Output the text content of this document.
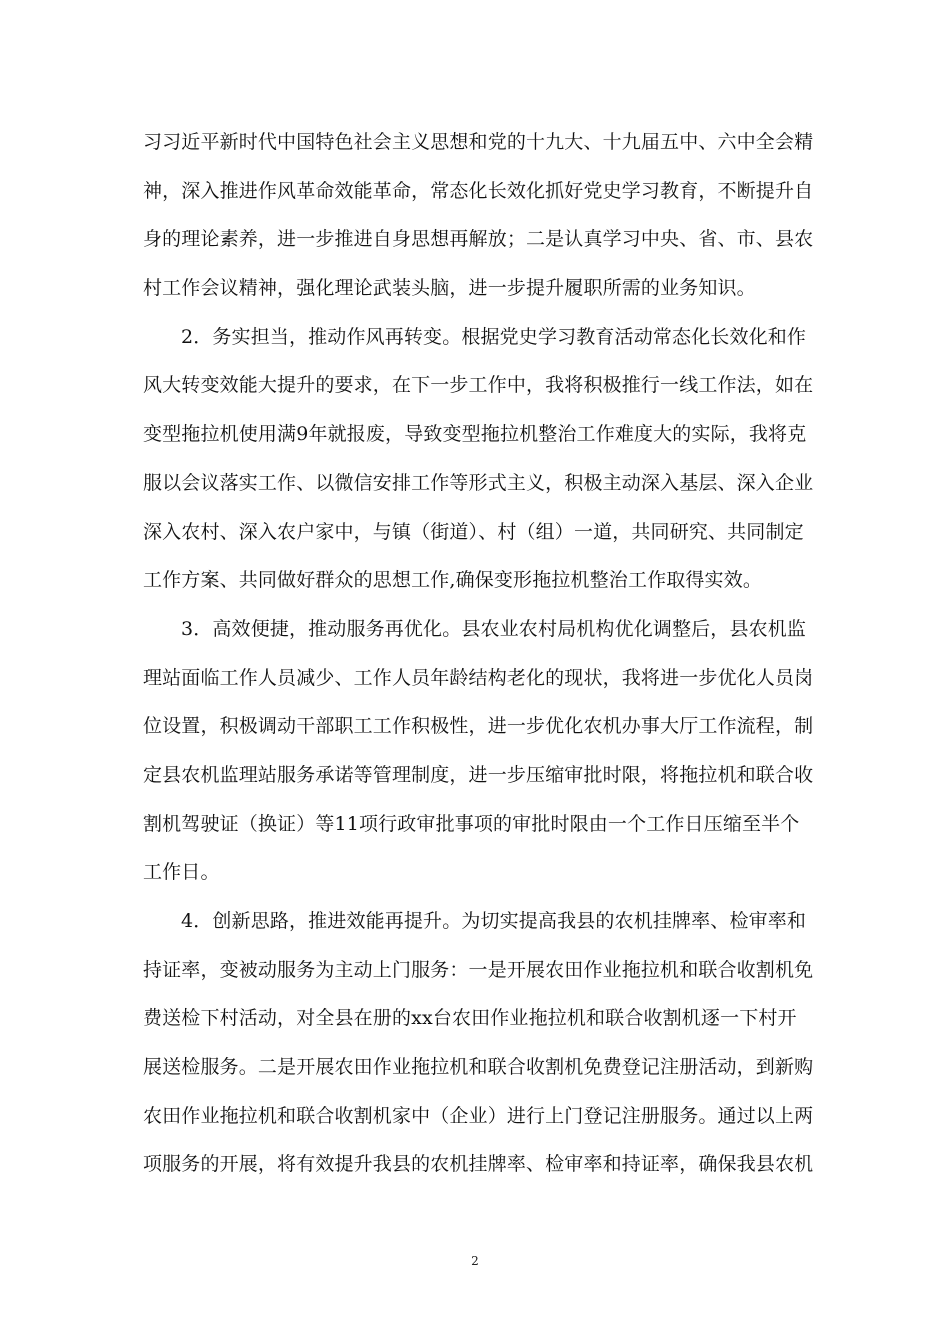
习习近平新时代中国特色社会主义思想和党的十九大、十九届五中、六中全会精
神，深入推进作风革命效能革命，常态化长效化抓好党史学习教育，不断提升自
身的理论素养，进一步推进自身思想再解放；二是认真学习中央、省、市、县农
村工作会议精神，强化理论武装头脑，进一步提升履职所需的业务知识。
2．务实担当，推动作风再转变。根据党史学习教育活动常态化长效化和作
风大转变效能大提升的要求，在下一步工作中，我将积极推行一线工作法，如在
变型拖拉机使用满9年就报废，导致变型拖拉机整治工作难度大的实际，我将克
服以会议落实工作、以微信安排工作等形式主义，积极主动深入基层、深入企业
深入农村、深入农户家中，与镇（街道）、村（组）一道，共同研究、共同制定
工作方案、共同做好群众的思想工作,确保变形拖拉机整治工作取得实效。
3．高效便捷，推动服务再优化。县农业农村局机构优化调整后，县农机监
理站面临工作人员减少、工作人员年龄结构老化的现状，我将进一步优化人员岗
位设置，积极调动干部职工工作积极性，进一步优化农机办事大厅工作流程，制
定县农机监理站服务承诺等管理制度，进一步压缩审批时限，将拖拉机和联合收
割机驾驶证（换证）等11项行政审批事项的审批时限由一个工作日压缩至半个
工作日。
4．创新思路，推进效能再提升。为切实提高我县的农机挂牌率、检审率和
持证率，变被动服务为主动上门服务：一是开展农田作业拖拉机和联合收割机免
费送检下村活动，对全县在册的xx台农田作业拖拉机和联合收割机逐一下村开
展送检服务。二是开展农田作业拖拉机和联合收割机免费登记注册活动，到新购
农田作业拖拉机和联合收割机家中（企业）进行上门登记注册服务。通过以上两
项服务的开展，将有效提升我县的农机挂牌率、检审率和持证率，确保我县农机
2
